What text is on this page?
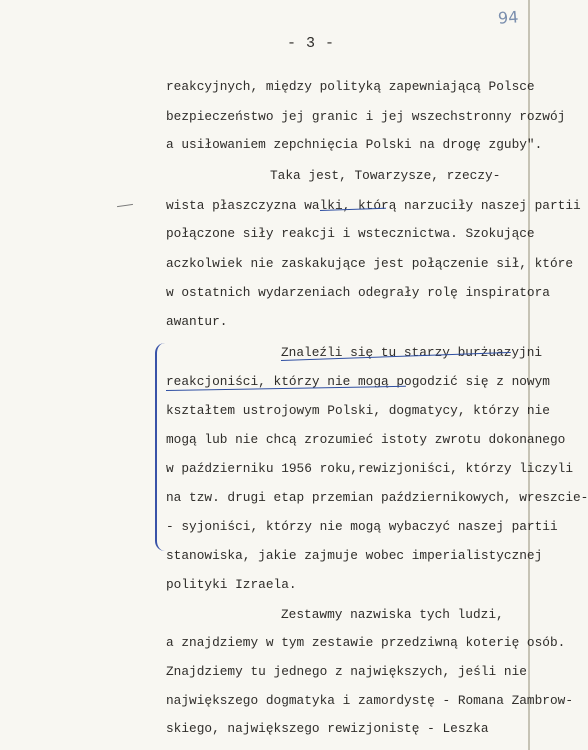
94
- 3 -
reakcyjnych, między polityką zapewniającą Polsce
bezpieczeństwo jej granic i jej wszechstronny rozwój
a usiłowaniem zepchnięcia Polski na drogę zguby".
Taka jest, Towarzysze, rzeczy-
wista płaszczyzna walki, którą narzuciły naszej partii
połączone siły reakcji i wstecznictwa. Szokujące
aczkolwiek nie zaskakujące jest połączenie sił, które
w ostatnich wydarzeniach odegrały rolę inspiratora
awantur.
Znaleźli się tu starzy burżuazyjni
reakcjoniści, którzy nie mogą pogodzić się z nowym
kształtem ustrojowym Polski, dogmatycy, którzy nie
mogą lub nie chcą zrozumieć istoty zwrotu dokonanego
w październiku 1956 roku,rewizjoniści, którzy liczyli
na tzw. drugi etap przemian październikowych, wreszcie-
- syjoniści, którzy nie mogą wybaczyć naszej partii
stanowiska, jakie zajmuje wobec imperialistycznej
polityki Izraela.
Zestawmy nazwiska tych ludzi,
a znajdziemy w tym zestawie przedziwną koterię osób.
Znajdziemy tu jednego z największych, jeśli nie
największego dogmatyka i zamordystę - Romana Zambrow-
skiego, największego rewizjonistę - Leszka
